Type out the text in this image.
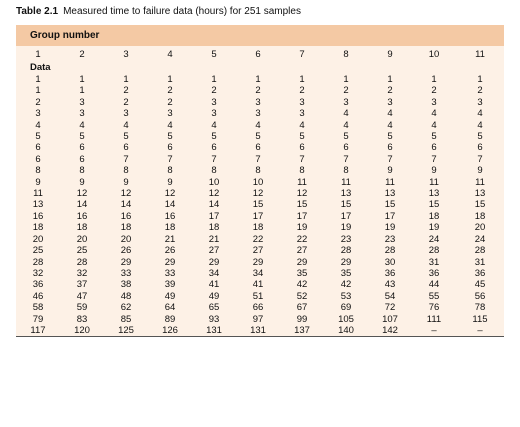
Table 2.1 Measured time to failure data (hours) for 251 samples
Group number
1	2	3	4	5	6	7	8	9	10	11
Data										
1	1	1	1	1	1	1	1	1	1	1
1	1	2	2	2	2	2	2	2	2	2
2	3	2	2	3	3	3	3	3	3	3
3	3	3	3	3	3	3	4	4	4	4
4	4	4	4	4	4	4	4	4	4	4
5	5	5	5	5	5	5	5	5	5	5
6	6	6	6	6	6	6	6	6	6	6
6	6	7	7	7	7	7	7	7	7	7
8	8	8	8	8	8	8	8	9	9	9
9	9	9	9	10	10	11	11	11	11	11
11	12	12	12	12	12	12	13	13	13	13
13	14	14	14	14	15	15	15	15	15	15
16	16	16	16	17	17	17	17	17	18	18
18	18	18	18	18	18	19	19	19	19	20
20	20	20	21	21	22	22	23	23	24	24
25	25	26	26	27	27	27	28	28	28	28
28	28	29	29	29	29	29	29	30	31	31
32	32	33	33	34	34	35	35	36	36	36
36	37	38	39	41	41	42	42	43	44	45
46	47	48	49	49	51	52	53	54	55	56
58	59	62	64	65	66	67	69	72	76	78
79	83	85	89	93	97	99	105	107	111	115
117	120	125	126	131	131	137	140	142	–	–
